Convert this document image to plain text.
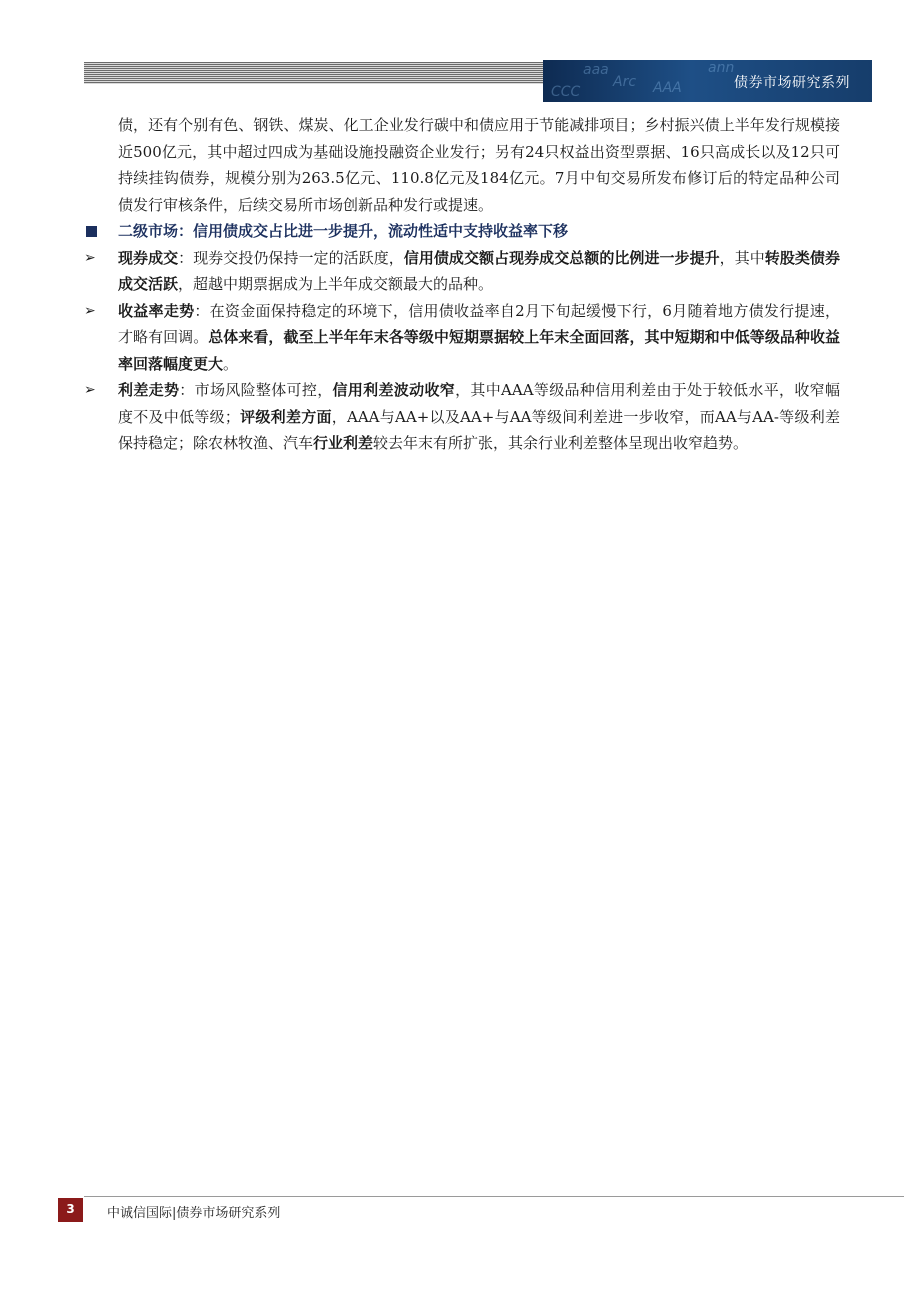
aaa
AAA
CCC
ann
Arc	债券市场研究系列
债，还有个别有色、钢铁、煤炭、化工企业发行碳中和债应用于节能减排项目；乡村振兴债上半年发行规模接近500亿元，其中超过四成为基础设施投融资企业发行；另有24只权益出资型票据、16只高成长以及12只可持续挂钩债券，规模分别为263.5亿元、110.8亿元及184亿元。7月中旬交易所发布修订后的特定品种公司债发行审核条件，后续交易所市场创新品种发行或提速。
二级市场：信用债成交占比进一步提升，流动性适中支持收益率下移
➢	现券成交：现券交投仍保持一定的活跃度，信用债成交额占现券成交总额的比例进一步提升，其中转股类债券成交活跃，超越中期票据成为上半年成交额最大的品种。
➢	收益率走势：在资金面保持稳定的环境下，信用债收益率自2月下旬起缓慢下行，6月随着地方债发行提速，才略有回调。总体来看，截至上半年年末各等级中短期票据较上年末全面回落，其中短期和中低等级品种收益率回落幅度更大。
➢	利差走势：市场风险整体可控，信用利差波动收窄，其中AAA等级品种信用利差由于处于较低水平，收窄幅度不及中低等级；评级利差方面，AAA与AA+以及AA+与AA等级间利差进一步收窄，而AA与AA-等级利差保持稳定；除农林牧渔、汽车行业利差较去年末有所扩张，其余行业利差整体呈现出收窄趋势。
3	中诚信国际|债券市场研究系列
